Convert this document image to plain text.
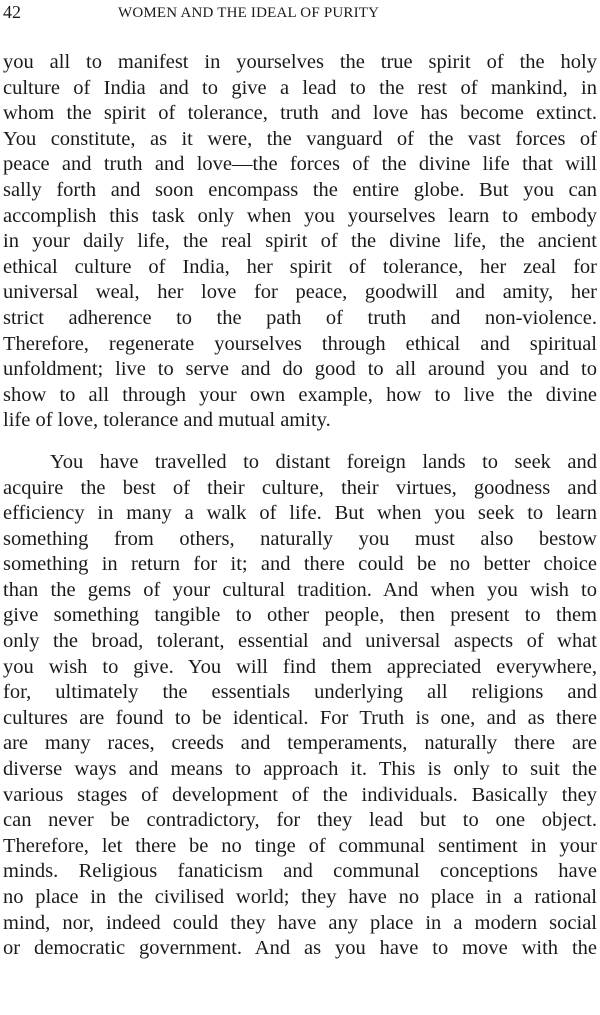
42	WOMEN AND THE IDEAL OF PURITY
you all to manifest in yourselves the true spirit of the holy
culture of India and to give a lead to the rest of mankind, in
whom the spirit of tolerance, truth and love has become extinct.
You constitute, as it were, the vanguard of the vast forces of
peace and truth and love—the forces of the divine life that will
sally forth and soon encompass the entire globe. But you can
accomplish this task only when you yourselves learn to embody
in your daily life, the real spirit of the divine life, the ancient
ethical culture of India, her spirit of tolerance, her zeal for
universal weal, her love for peace, goodwill and amity, her
strict adherence to the path of truth and non-violence.
Therefore, regenerate yourselves through ethical and spiritual
unfoldment; live to serve and do good to all around you and to
show to all through your own example, how to live the divine
life of love, tolerance and mutual amity.
You have travelled to distant foreign lands to seek and
acquire the best of their culture, their virtues, goodness and
efficiency in many a walk of life. But when you seek to learn
something from others, naturally you must also bestow
something in return for it; and there could be no better choice
than the gems of your cultural tradition. And when you wish to
give something tangible to other people, then present to them
only the broad, tolerant, essential and universal aspects of what
you wish to give. You will find them appreciated everywhere,
for, ultimately the essentials underlying all religions and
cultures are found to be identical. For Truth is one, and as there
are many races, creeds and temperaments, naturally there are
diverse ways and means to approach it. This is only to suit the
various stages of development of the individuals. Basically they
can never be contradictory, for they lead but to one object.
Therefore, let there be no tinge of communal sentiment in your
minds. Religious fanaticism and communal conceptions have
no place in the civilised world; they have no place in a rational
mind, nor, indeed could they have any place in a modern social
or democratic government. And as you have to move with the
